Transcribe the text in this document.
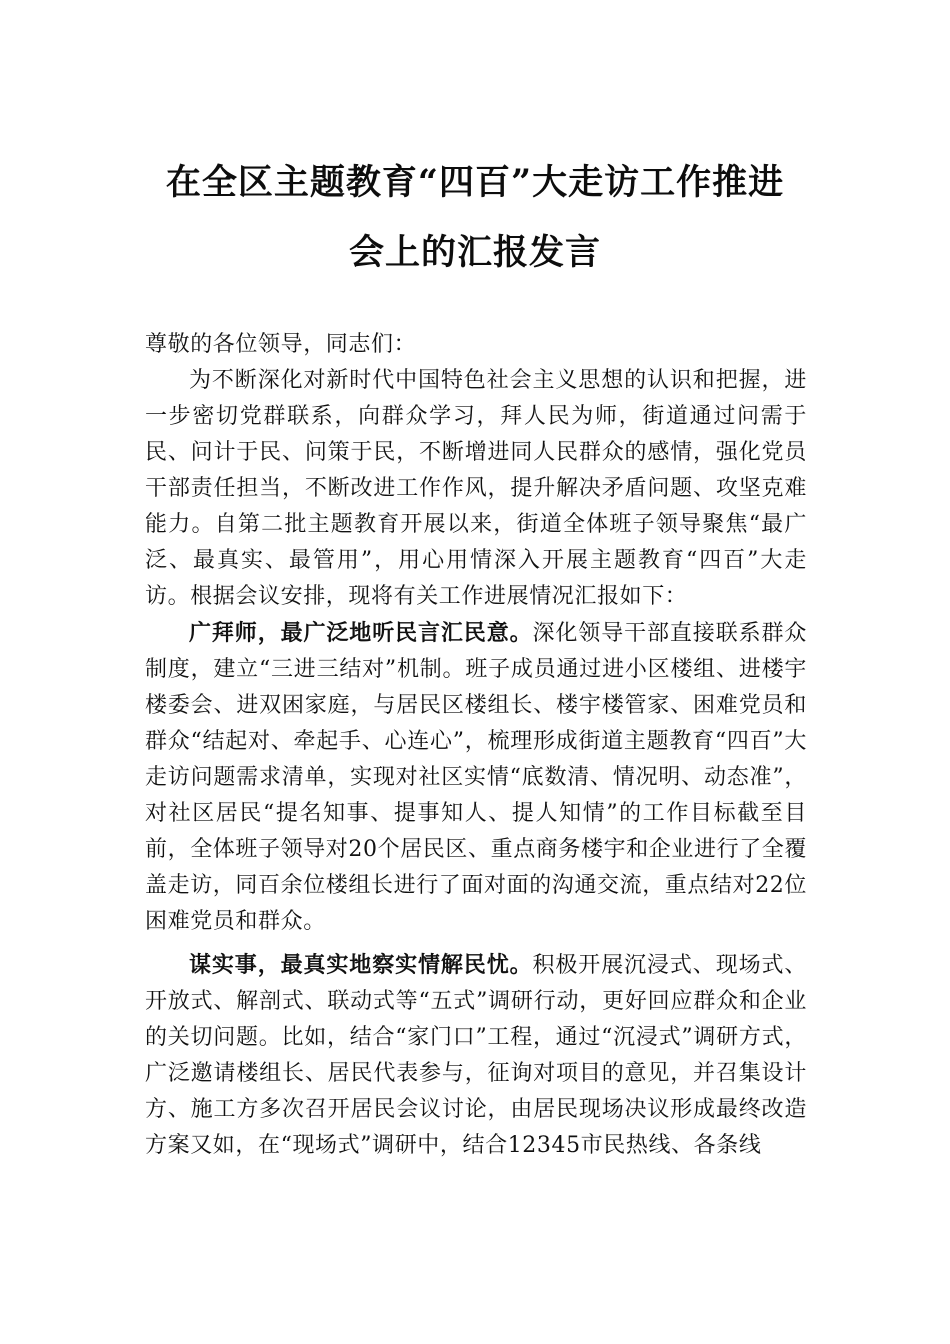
在全区主题教育“四百”大走访工作推进
会上的汇报发言

尊敬的各位领导，同志们：

为不断深化对新时代中国特色社会主义思想的认识和把握，进一步密切党群联系，向群众学习，拜人民为师，街道通过问需于民、问计于民、问策于民，不断增进同人民群众的感情，强化党员干部责任担当，不断改进工作作风，提升解决矛盾问题、攻坚克难能力。自第二批主题教育开展以来，街道全体班子领导聚焦“最广泛、最真实、最管用”，用心用情深入开展主题教育“四百”大走访。根据会议安排，现将有关工作进展情况汇报如下：

广拜师，最广泛地听民言汇民意。深化领导干部直接联系群众制度，建立“三进三结对”机制。班子成员通过进小区楼组、进楼宇楼委会、进双困家庭，与居民区楼组长、楼宇楼管家、困难党员和群众“结起对、牵起手、心连心”，梳理形成街道主题教育“四百”大走访问题需求清单，实现对社区实情“底数清、情况明、动态准”，对社区居民“提名知事、提事知人、提人知情”的工作目标截至目前，全体班子领导对20个居民区、重点商务楼宇和企业进行了全覆盖走访，同百余位楼组长进行了面对面的沟通交流，重点结对22位困难党员和群众。

谋实事，最真实地察实情解民忧。积极开展沉浸式、现场式、开放式、解剖式、联动式等“五式”调研行动，更好回应群众和企业的关切问题。比如，结合“家门口”工程，通过“沉浸式”调研方式，广泛邀请楼组长、居民代表参与，征询对项目的意见，并召集设计方、施工方多次召开居民会议讨论，由居民现场决议形成最终改造方案又如，在“现场式”调研中，结合12345市民热线、各条线
